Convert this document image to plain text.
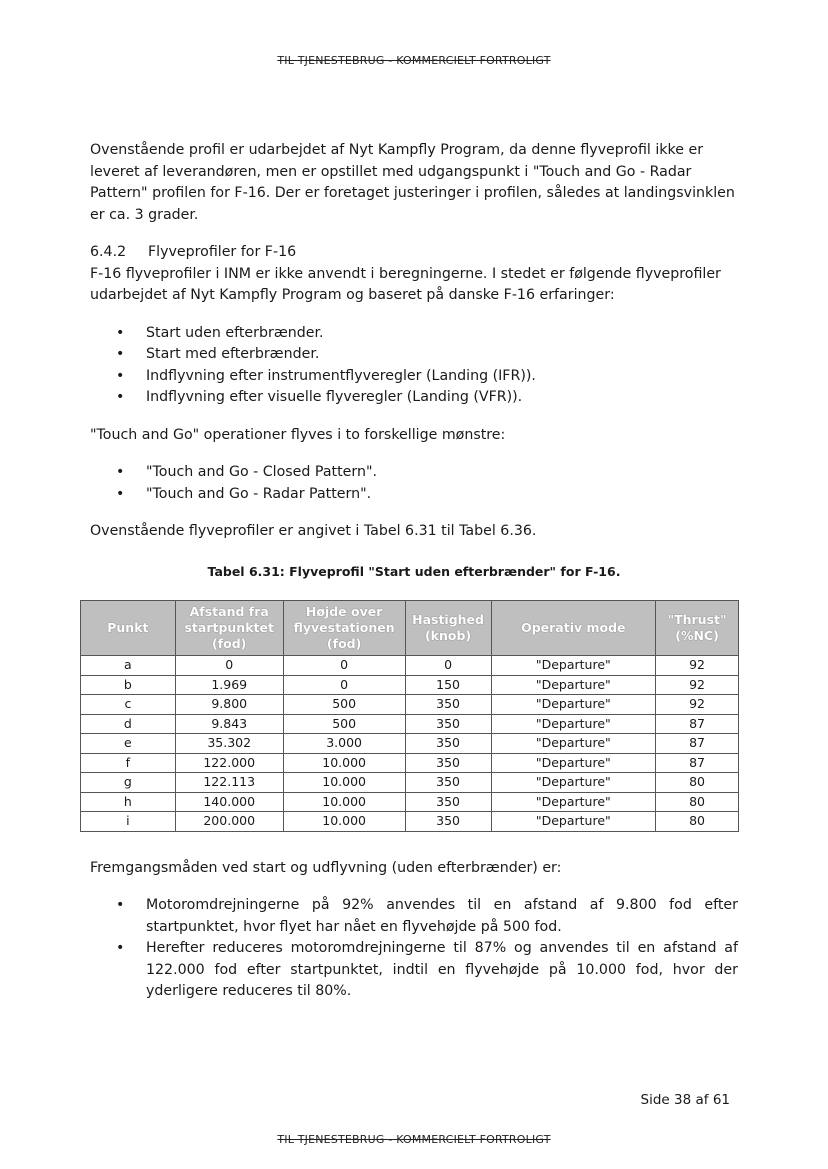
TIL TJENESTEBRUG - KOMMERCIELT FORTROLIGT

Ovenstående profil er udarbejdet af Nyt Kampfly Program, da denne flyveprofil ikke er leveret af leverandøren, men er opstillet med udgangspunkt i "Touch and Go - Radar Pattern" profilen for F-16. Der er foretaget justeringer i profilen, således at landingsvinklen er ca. 3 grader.

6.4.2	Flyveprofiler for F-16

F-16 flyveprofiler i INM er ikke anvendt i beregningerne. I stedet er følgende flyveprofiler udarbejdet af Nyt Kampfly Program og baseret på danske F-16 erfaringer:

• Start uden efterbrænder.
• Start med efterbrænder.
• Indflyvning efter instrumentflyveregler (Landing (IFR)).
• Indflyvning efter visuelle flyveregler (Landing (VFR)).

"Touch and Go" operationer flyves i to forskellige mønstre:

• "Touch and Go - Closed Pattern".
• "Touch and Go - Radar Pattern".

Ovenstående flyveprofiler er angivet i Tabel 6.31 til Tabel 6.36.

Tabel 6.31: Flyveprofil "Start uden efterbrænder" for F-16.
Punkt	Afstand fra startpunktet (fod)	Højde over flyvestationen (fod)	Hastighed (knob)	Operativ mode	"Thrust" (%NC)
a	0	0	0	"Departure"	92
b	1.969	0	150	"Departure"	92
c	9.800	500	350	"Departure"	92
d	9.843	500	350	"Departure"	87
e	35.302	3.000	350	"Departure"	87
f	122.000	10.000	350	"Departure"	87
g	122.113	10.000	350	"Departure"	80
h	140.000	10.000	350	"Departure"	80
i	200.000	10.000	350	"Departure"	80

Fremgangsmåden ved start og udflyvning (uden efterbrænder) er:

• Motoromdrejningerne på 92% anvendes til en afstand af 9.800 fod efter startpunktet, hvor flyet har nået en flyvehøjde på 500 fod.
• Herefter reduceres motoromdrejningerne til 87% og anvendes til en afstand af 122.000 fod efter startpunktet, indtil en flyvehøjde på 10.000 fod, hvor der yderligere reduceres til 80%.
Side 38 af 61
TIL TJENESTEBRUG - KOMMERCIELT FORTROLIGT
